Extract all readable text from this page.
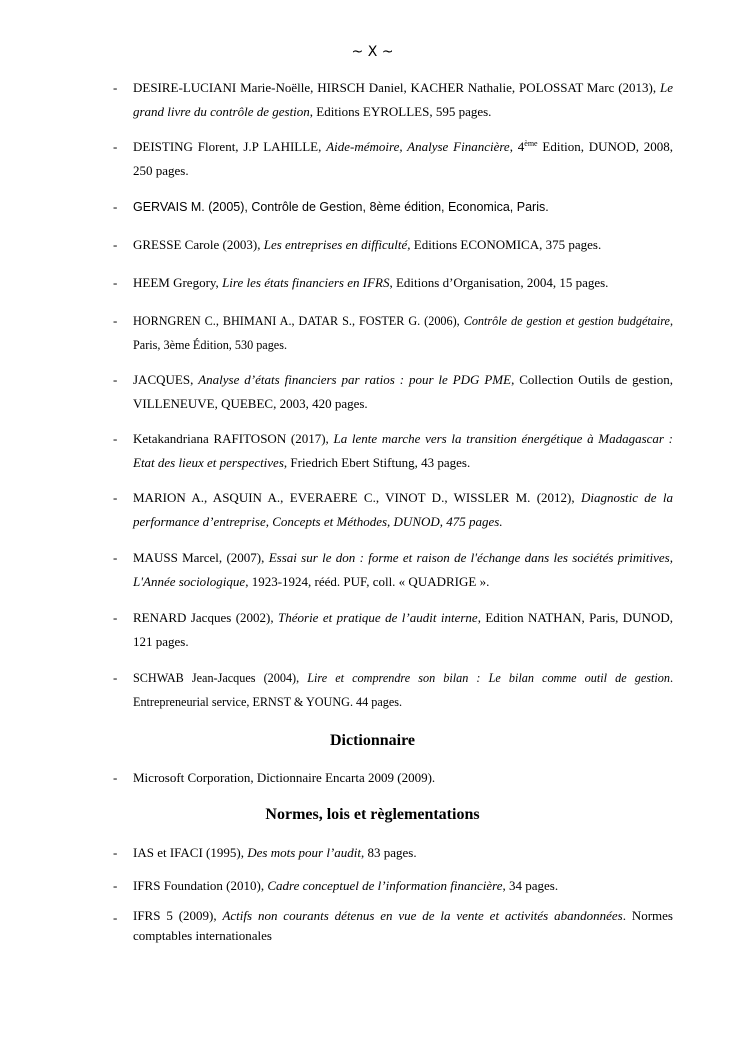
~ X ~
- DESIRE-LUCIANI Marie-Noëlle, HIRSCH Daniel, KACHER Nathalie, POLOSSAT Marc (2013), Le grand livre du contrôle de gestion, Editions EYROLLES, 595 pages.
- DEISTING Florent, J.P LAHILLE, Aide-mémoire, Analyse Financière, 4ème Edition, DUNOD, 2008, 250 pages.
- GERVAIS M. (2005), Contrôle de Gestion, 8ème édition, Economica, Paris.
- GRESSE Carole (2003), Les entreprises en difficulté, Editions ECONOMICA, 375 pages.
- HEEM Gregory, Lire les états financiers en IFRS, Editions d’Organisation, 2004, 15 pages.
- HORNGREN C., BHIMANI A., DATAR S., FOSTER G. (2006), Contrôle de gestion et gestion budgétaire, Paris, 3ème Édition, 530 pages.
- JACQUES, Analyse d’états financiers par ratios : pour le PDG PME, Collection Outils de gestion, VILLENEUVE, QUEBEC, 2003, 420 pages.
- Ketakandriana RAFITOSON (2017), La lente marche vers la transition énergétique à Madagascar : Etat des lieux et perspectives, Friedrich Ebert Stiftung, 43 pages.
- MARION A., ASQUIN A., EVERAERE C., VINOT D., WISSLER M. (2012), Diagnostic de la performance d’entreprise, Concepts et Méthodes, DUNOD, 475 pages.
- MAUSS Marcel, (2007), Essai sur le don : forme et raison de l'échange dans les sociétés primitives, L'Année sociologique, 1923-1924, rééd. PUF, coll. « QUADRIGE ».
- RENARD Jacques (2002), Théorie et pratique de l’audit interne, Edition NATHAN, Paris, DUNOD, 121 pages.
- SCHWAB Jean-Jacques (2004), Lire et comprendre son bilan : Le bilan comme outil de gestion. Entrepreneurial service, ERNST & YOUNG. 44 pages.
Dictionnaire
- Microsoft Corporation, Dictionnaire Encarta 2009 (2009).
Normes, lois et règlementations
- IAS et IFACI (1995), Des mots pour l’audit, 83 pages.
- IFRS Foundation (2010), Cadre conceptuel de l’information financière, 34 pages.
- IFRS 5 (2009), Actifs non courants détenus en vue de la vente et activités abandonnées. Normes comptables internationales
